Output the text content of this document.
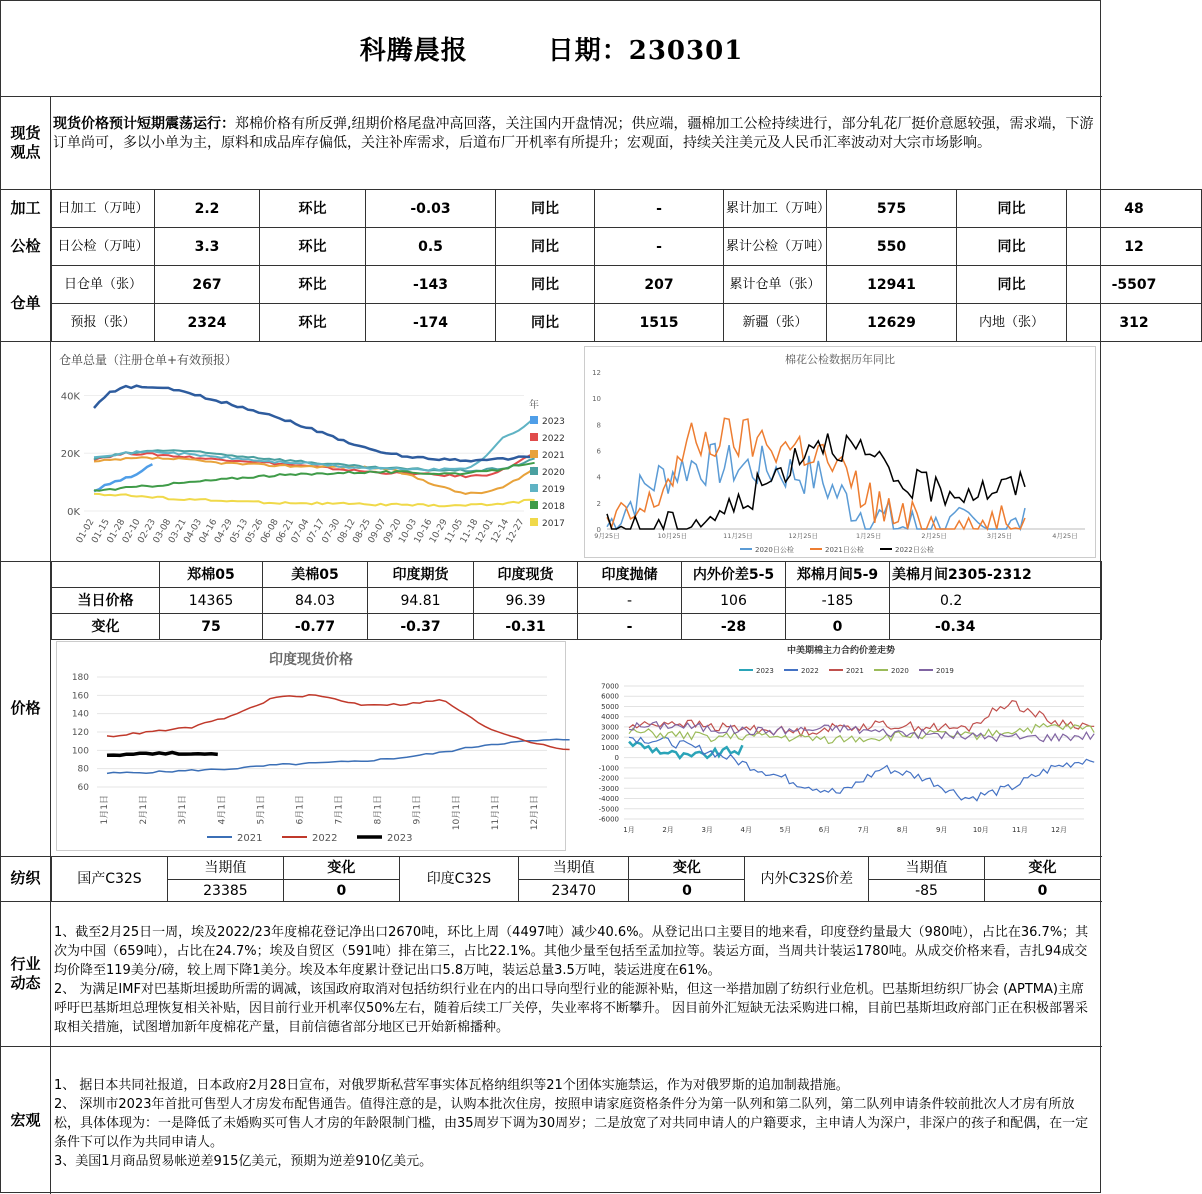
科腾晨报	日期：230301
现货观点
加工
公检
仓单
价格
纺织
行业动态
宏观
现货价格预计短期震荡运行：郑棉价格有所反弹,纽期价格尾盘冲高回落，关注国内开盘情况；供应端，疆棉加工公检持续进行，部分轧花厂挺价意愿较强，需求端，下游订单尚可，多以小单为主，原料和成品库存偏低，关注补库需求，后道布厂开机率有所提升；宏观面，持续关注美元及人民币汇率波动对大宗市场影响。
日加工（万吨）	2.2	环比	-0.03	同比	-	累计加工（万吨）	575	同比	48
日公检（万吨）	3.3	环比	0.5	同比	-	累计公检（万吨）	550	同比	12
日仓单（张）	267	环比	-143	同比	207	累计仓单（张）	12941	同比	-5507
预报（张）	2324	环比	-174	同比	1515	新疆（张）	12629	内地（张）	312
仓单总量（注册仓单+有效预报）
40K
20K
0K
01-02
01-15
01-28
02-10
02-23
03-08
03-21
04-03
04-16
04-29
05-13
05-26
06-08
06-21
07-04
07-17
07-30
08-12
08-25
09-07
09-20
10-03
10-16
10-29
11-05
11-18
12-01
12-14
12-27
年
2023
2022
2021
2020
2019
2018
2017
棉花公检数据历年同比
0
2
4
6
8
10
12
9月25日	10月25日	11月25日	12月25日	1月25日	2月25日	3月25日	4月25日
2020日公检	2021日公检	2022日公检
	郑棉05	美棉05	印度期货	印度现货	印度抛储	内外价差5-5	郑棉月间5-9	美棉月间2305-2312
当日价格	14365	84.03	94.81	96.39	-	106	-185	0.2
变化	75	-0.77	-0.37	-0.31	-	-28	0	-0.34
印度现货价格
60
80
100
120
140
160
180
1月1日	2月1日	3月1日	4月1日	5月1日	6月1日	7月1日	8月1日	9月1日	10月1日	11月1日	12月1日
2021	2022	2023
中美期棉主力合约价差走势
2023	2022	2021	2020	2019
7000
6000
5000
4000
3000
2000
1000
0
-1000
-2000
-3000
-4000
-5000
-6000
1月	2月	3月	4月	5月	6月	7月	8月	9月	10月	11月	12月
国产C32S	当期值	变化	印度C32S	当期值	变化	内外C32S价差	当期值	变化
	23385	0		23470	0		-85	0
1、截至2月25日一周，埃及2022/23年度棉花登记净出口2670吨，环比上周（4497吨）减少40.6%。从登记出口主要目的地来看，印度登约量最大（980吨），占比在36.7%；其次为中国（659吨），占比在24.7%；埃及自贸区（591吨）排在第三，占比22.1%。其他少量至包括至孟加拉等。装运方面，当周共计装运1780吨。从成交价格来看，吉扎94成交均价降至119美分/磅，较上周下降1美分。埃及本年度累计登记出口5.8万吨，装运总量3.5万吨，装运进度在61%。
2、 为满足IMF对巴基斯坦援助所需的调减，该国政府取消对包括纺织行业在内的出口导向型行业的能源补贴，但这一举措加剧了纺织行业危机。巴基斯坦纺织厂协会 (APTMA)主席呼吁巴基斯坦总理恢复相关补贴，因目前行业开机率仅50%左右，随着后续工厂关停，失业率将不断攀升。 因目前外汇短缺无法采购进口棉，目前巴基斯坦政府部门正在积极部署采取相关措施，试图增加新年度棉花产量，目前信德省部分地区已开始新棉播种。
1、 据日本共同社报道，日本政府2月28日宣布，对俄罗斯私营军事实体瓦格纳组织等21个团体实施禁运，作为对俄罗斯的追加制裁措施。
2、 深圳市2023年首批可售型人才房发布配售通告。值得注意的是，认购本批次住房，按照申请家庭资格条件分为第一队列和第二队列，第二队列申请条件较前批次人才房有所放松，具体体现为：一是降低了未婚购买可售人才房的年龄限制门槛，由35周岁下调为30周岁；二是放宽了对共同申请人的户籍要求，主申请人为深户，非深户的孩子和配偶，在一定条件下可以作为共同申请人。
3、美国1月商品贸易帐逆差915亿美元，预期为逆差910亿美元。
